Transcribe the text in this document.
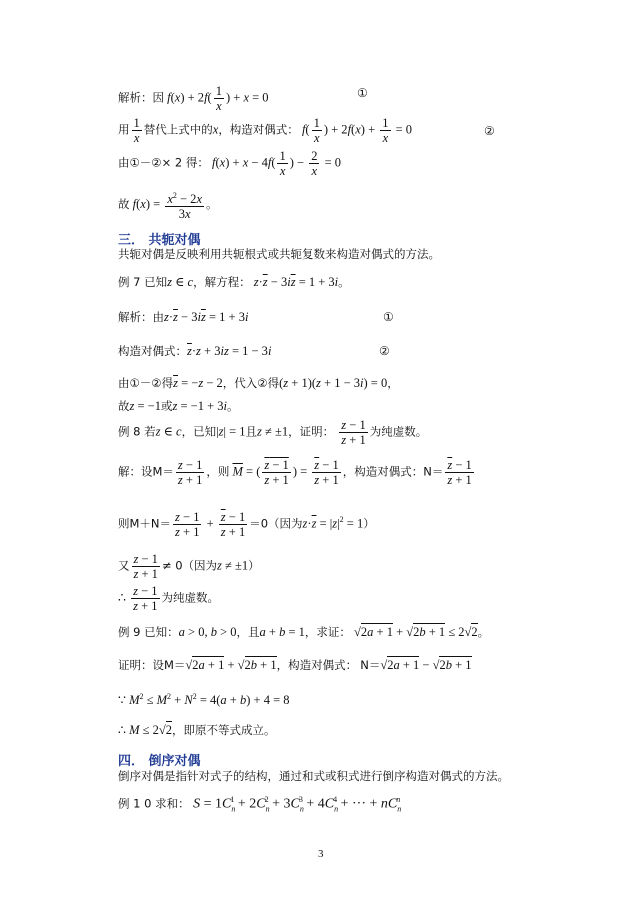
解析：因 $f(x) + 2f( \frac{1}{x}$ ) + x = 0	①
用 $\frac{1}{x}$ 替代上式中的x，构造对偶式： $f( \frac{1}{x}$ ) + $2f(x) + \frac{1}{x} = 0$	②
由①－②× 2 得： $f(x) + x - 4f( \frac{1}{x}$ ) − $\frac{2}{x} = 0$
故 $f(x) = \frac{x^2 - 2x}{3x}$ 。
三． 共轭对偶
共轭对偶是反映利用共轭根式或共轭复数来构造对偶式的方法。
例 7 已知z ∈ c，解方程： $z\cdot\overline{z} - 3i\overline{z} = 1 + 3i$。
解析：由$z\cdot\overline{z} - 3i\overline{z} = 1 + 3i$	①
构造对偶式：$\overline{z}\cdot z + 3iz = 1 - 3i$	②
由①－②得$\overline{z} = -z - 2$，代入②得(z + 1)(z + 1 − 3i) = 0，
故z = −1或z = −1 + 3i。
例 8 若z ∈ c，已知|z| = 1且z ≠ ±1，证明： $\frac{z - 1}{z + 1}$ 为纯虚数。
解：设$M= \frac{z - 1}{z + 1}$ ，则 $\overline{M}$ = ( $\frac{z - 1}{z + 1}$ ) = $\frac{\overline{z} - 1}{\overline{z} + 1}$ ，构造对偶式：$N= \frac{\overline{z} - 1}{\overline{z} + 1}$
则$M+N= \frac{z - 1}{z + 1} + \frac{\overline{z} - 1}{\overline{z} + 1} =0$（因为$z\cdot\overline{z} = |z|^2 = 1$）
又 $\frac{z - 1}{z + 1} \ne 0$（因为z ≠ ±1）
∴ $\frac{z - 1}{z + 1}$ 为纯虚数。
例 9 已知：a > 0, b > 0，且a + b = 1，求证： √2a + 1 + √2b + 1 ≤ 2√2。
证明：设M＝√2a + 1 + √2b + 1，构造对偶式： N＝√2a + 1 − √2b + 1
∵ $M^2 \le M^2 + N^2 = 4(a + b) + 4 = 8$
∴ M ≤ 2√2，即原不等式成立。
四． 倒序对偶
倒序对偶是指针对式子的结构，通过和式或积式进行倒序构造对偶式的方法。
例 1 0 求和： $S = 1C_n^1 + 2C_n^2 + 3C_n^3 + 4C_n^4$ + ··· + $nC_n^n$
3
